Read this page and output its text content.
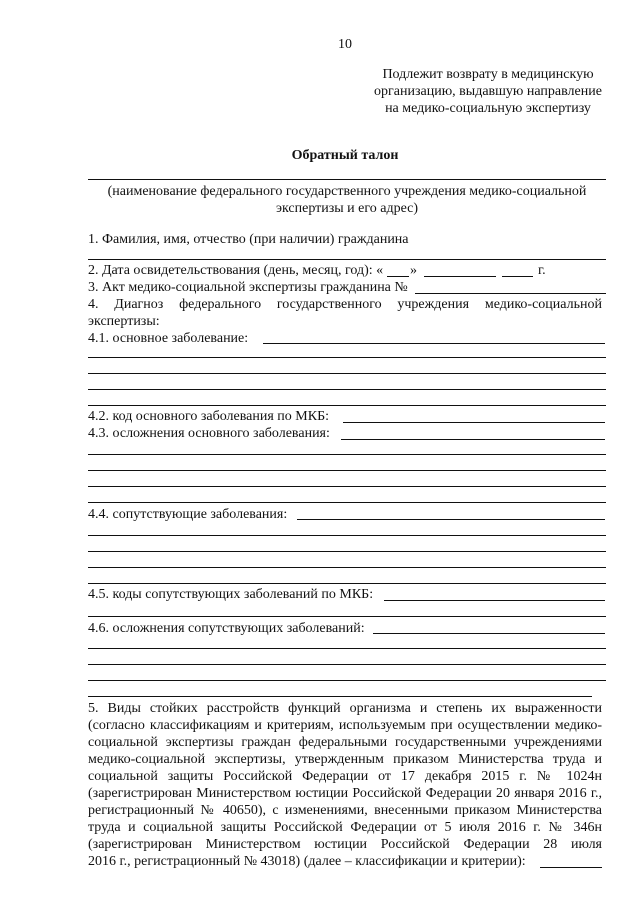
10
Подлежит возврату в медицинскую
организацию, выдавшую направление
на медико-социальную экспертизу
Обратный талон
(наименование федерального государственного учреждения медико-социальной
экспертизы и его адрес)
1. Фамилия, имя, отчество (при наличии) гражданина
2. Дата освидетельствования (день, месяц, год): « »	г.
3. Акт медико-социальной экспертизы гражданина №
4. Диагноз федерального государственного учреждения медико-социальной
экспертизы:
4.1. основное заболевание:
4.2. код основного заболевания по МКБ:
4.3. осложнения основного заболевания:
4.4. сопутствующие заболевания:
4.5. коды сопутствующих заболеваний по МКБ:
4.6. осложнения сопутствующих заболеваний:
5. Виды стойких расстройств функций организма и степень их выраженности
(согласно классификациям и критериям, используемым при осуществлении медико-
социальной экспертизы граждан федеральными государственными учреждениями
медико-социальной экспертизы, утвержденным приказом Министерства труда и
социальной защиты Российской Федерации от 17 декабря 2015 г. № 1024н
(зарегистрирован Министерством юстиции Российской Федерации 20 января 2016 г.,
регистрационный № 40650), с изменениями, внесенными приказом Министерства
труда и социальной защиты Российской Федерации от 5 июля 2016 г. № 346н
(зарегистрирован Министерством юстиции Российской Федерации 28 июля
2016 г., регистрационный № 43018) (далее – классификации и критерии):
